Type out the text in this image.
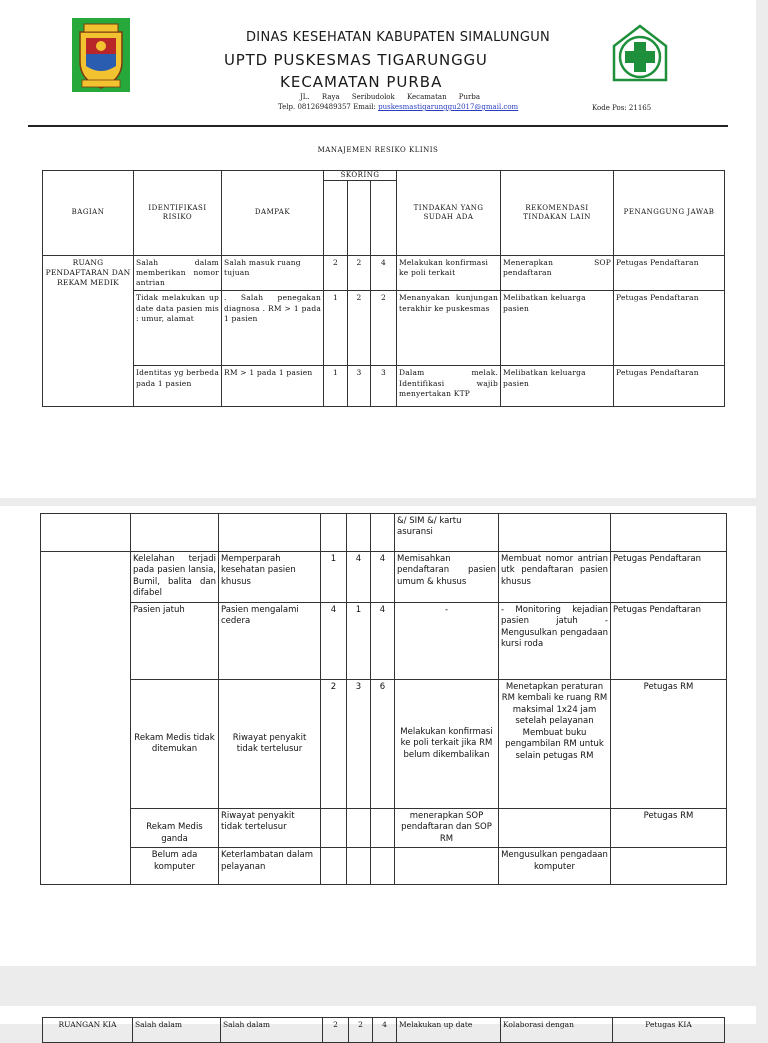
DINAS KESEHATAN KABUPATEN SIMALUNGUN
UPTD PUSKESMAS TIGARUNGGU
KECAMATAN PURBA
JL. Raya Seribudolok Kecamatan Purba
Telp. 081269489357 Email: puskesmastigarunggu2017@gmail.com	Kode Pos: 21165
MANAJEMEN RESIKO KLINIS
BAGIAN	IDENTIFIKASI RISIKO	DAMPAK	SKORING			TINDAKAN YANG SUDAH ADA	REKOMENDASI TINDAKAN LAIN	PENANGGUNG JAWAB

RUANG PENDAFTARAN DAN REKAM MEDIK	Salah dalam memberikan nomor antrian	Salah masuk ruang tujuan	2	2	4	Melakukan konfirmasi ke poli terkait	Menerapkan SOP pendaftaran	Petugas Pendaftaran
	Tidak melakukan up date data pasien mis : umur, alamat	. Salah penegakan diagnosa . RM > 1 pada 1 pasien	1	2	2	Menanyakan kunjungan terakhir ke puskesmas	Melibatkan keluarga pasien	Petugas Pendaftaran
	Identitas yg berbeda pada 1 pasien	RM > 1 pada 1 pasien	1	3	3	Dalam melak. Identifikasi wajib menyertakan KTP	Melibatkan keluarga pasien	Petugas Pendaftaran
						&/ SIM &/ kartu asuransi		
	Kelelahan terjadi pada pasien lansia, Bumil, balita dan difabel	Memperparah kesehatan pasien khusus	1	4	4	Memisahkan pendaftaran pasien umum & khusus	Membuat nomor antrian utk pendaftaran pasien khusus	Petugas Pendaftaran
	Pasien jatuh	Pasien mengalami cedera	4	1	4	-	- Monitoring kejadian pasien jatuh - Mengusulkan pengadaan kursi roda	Petugas Pendaftaran
	Rekam Medis tidak ditemukan	Riwayat penyakit tidak tertelusur	2	3	6	Melakukan konfirmasi ke poli terkait jika RM belum dikembalikan	Menetapkan peraturan RM kembali ke ruang RM maksimal 1x24 jam setelah pelayanan Membuat buku pengambilan RM untuk selain petugas RM	Petugas RM
	Rekam Medis ganda	Riwayat penyakit tidak tertelusur				menerapkan SOP pendaftaran dan SOP RM		Petugas RM
	Belum ada komputer	Keterlambatan dalam pelayanan					Mengusulkan pengadaan komputer	
RUANGAN KIA	Salah dalam	Salah dalam	2	2	4	Melakukan up date	Kolaborasi dengan	Petugas KIA
